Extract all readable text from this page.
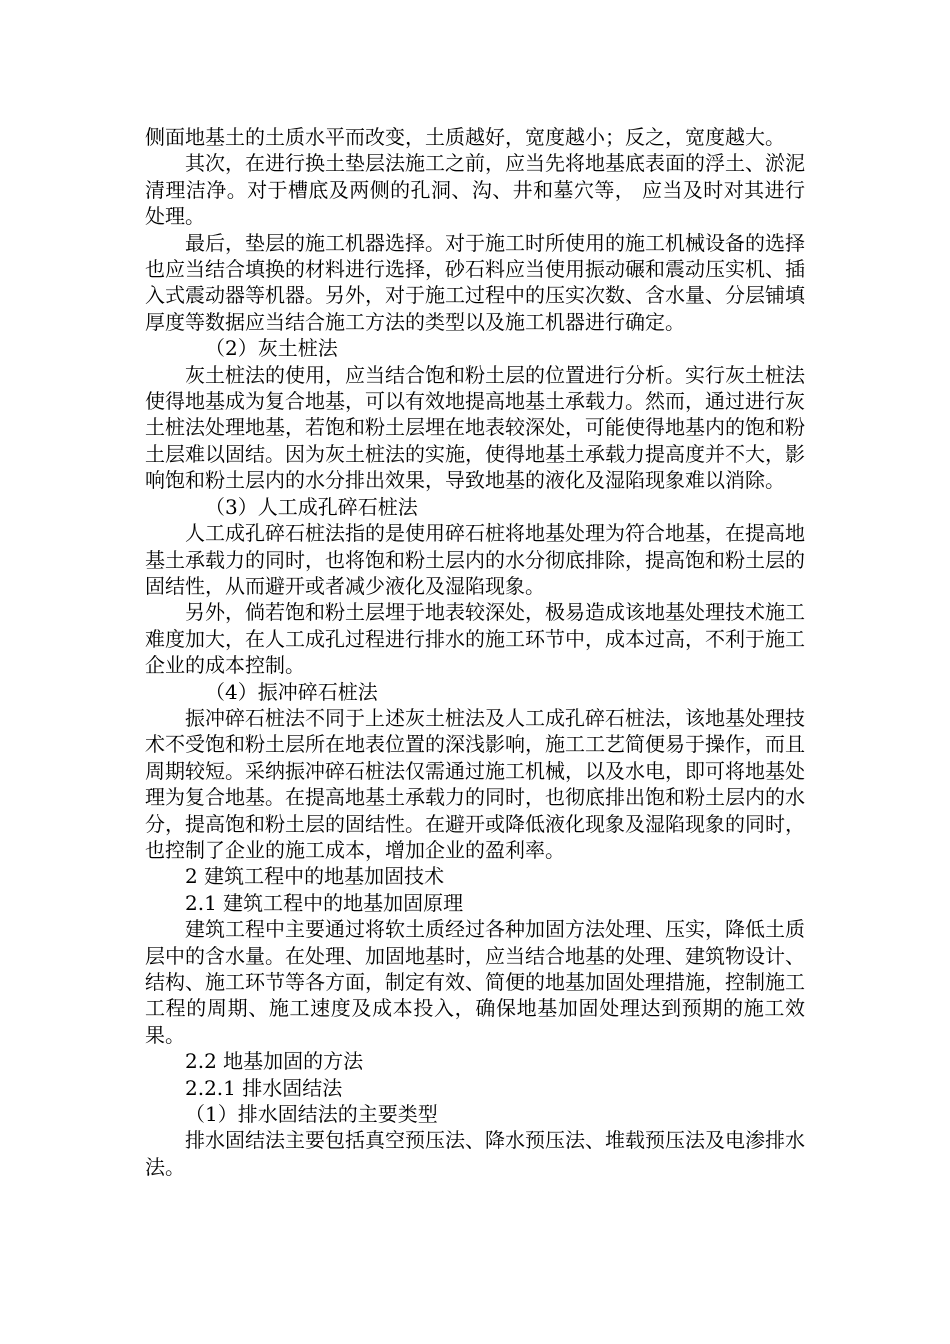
侧面地基土的土质水平而改变，土质越好，宽度越小；反之，宽度越大。

其次，在进行换土垫层法施工之前，应当先将地基底表面的浮土、淤泥清理洁净。对于槽底及两侧的孔洞、沟、井和墓穴等， 应当及时对其进行处理。

最后，垫层的施工机器选择。对于施工时所使用的施工机械设备的选择也应当结合填换的材料进行选择，砂石料应当使用振动碾和震动压实机、插入式震动器等机器。另外，对于施工过程中的压实次数、含水量、分层铺填厚度等数据应当结合施工方法的类型以及施工机器进行确定。

（2）灰土桩法

灰土桩法的使用，应当结合饱和粉土层的位置进行分析。实行灰土桩法使得地基成为复合地基，可以有效地提高地基土承载力。然而，通过进行灰土桩法处理地基，若饱和粉土层埋在地表较深处，可能使得地基内的饱和粉土层难以固结。因为灰土桩法的实施，使得地基土承载力提高度并不大，影响饱和粉土层内的水分排出效果，导致地基的液化及湿陷现象难以消除。

（3）人工成孔碎石桩法

人工成孔碎石桩法指的是使用碎石桩将地基处理为符合地基，在提高地基土承载力的同时，也将饱和粉土层内的水分彻底排除，提高饱和粉土层的固结性，从而避开或者减少液化及湿陷现象。

另外，倘若饱和粉土层埋于地表较深处，极易造成该地基处理技术施工难度加大，在人工成孔过程进行排水的施工环节中，成本过高，不利于施工企业的成本控制。

（4）振冲碎石桩法

振冲碎石桩法不同于上述灰土桩法及人工成孔碎石桩法，该地基处理技术不受饱和粉土层所在地表位置的深浅影响，施工工艺简便易于操作，而且周期较短。采纳振冲碎石桩法仅需通过施工机械，以及水电，即可将地基处理为复合地基。在提高地基土承载力的同时，也彻底排出饱和粉土层内的水分，提高饱和粉土层的固结性。在避开或降低液化现象及湿陷现象的同时，也控制了企业的施工成本，增加企业的盈利率。

2 建筑工程中的地基加固技术

2.1 建筑工程中的地基加固原理

建筑工程中主要通过将软土质经过各种加固方法处理、压实，降低土质层中的含水量。在处理、加固地基时，应当结合地基的处理、建筑物设计、结构、施工环节等各方面，制定有效、简便的地基加固处理措施，控制施工工程的周期、施工速度及成本投入，确保地基加固处理达到预期的施工效果。

2.2 地基加固的方法

2.2.1 排水固结法

（1）排水固结法的主要类型

排水固结法主要包括真空预压法、降水预压法、堆载预压法及电渗排水法。
